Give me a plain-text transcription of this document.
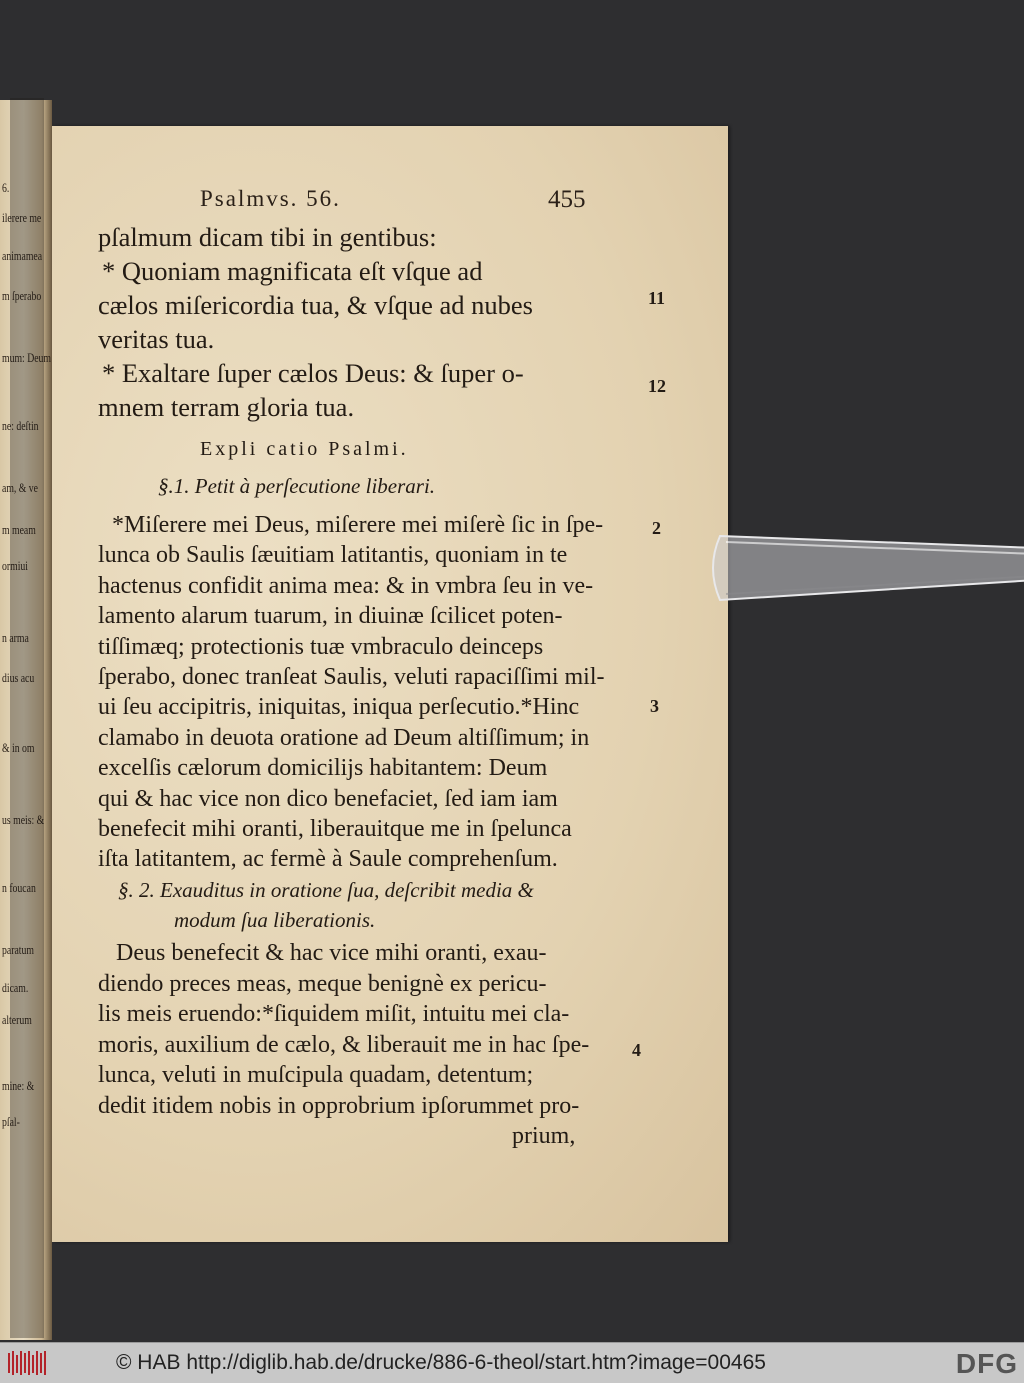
6.
ilerere me
animamea
m ſperabo
mum: Deum
ne: deſtin
am, & ve
m meam
ormiui
n arma
dius acu
& in om
us meis: &
n foucan
paratum
dicam.
alterum
mine: &
pſal-
Psalmvs. 56.	455
pſalmum dicam tibi in gentibus:
* Quoniam magnificata eſt vſque ad
cælos miſericordia tua, & vſque ad nubes
veritas tua.
* Exaltare ſuper cælos Deus: & ſuper o-
mnem terram gloria tua.
Expli catio Psalmi.
§.1. Petit à perſecutione liberari.
*Miſerere mei Deus, miſerere mei miſerè ſic in ſpe-
lunca ob Saulis ſæuitiam latitantis, quoniam in te
hactenus confidit anima mea: & in vmbra ſeu in ve-
lamento alarum tuarum, in diuinæ ſcilicet poten-
tiſſimæq; protectionis tuæ vmbraculo deinceps
ſperabo, donec tranſeat Saulis, veluti rapaciſſimi mil-
ui ſeu accipitris, iniquitas, iniqua perſecutio.*Hinc
clamabo in deuota oratione ad Deum altiſſimum; in
excelſis cælorum domicilijs habitantem: Deum
qui & hac vice non dico benefaciet, ſed iam iam
benefecit mihi oranti, liberauitque me in ſpelunca
iſta latitantem, ac fermè à Saule comprehenſum.
§. 2. Exauditus in oratione ſua, deſcribit media &
modum ſua liberationis.
Deus benefecit & hac vice mihi oranti, exau-
diendo preces meas, meque benignè ex pericu-
lis meis eruendo:*ſiquidem miſit, intuitu mei cla-
moris, auxilium de cælo, & liberauit me in hac ſpe-
lunca, veluti in muſcipula quadam, detentum;
dedit itidem nobis in opprobrium ipſorummet pro-
prium,
11
12
2
3
4
© HAB http://diglib.hab.de/drucke/886-6-theol/start.htm?image=00465	DFG
